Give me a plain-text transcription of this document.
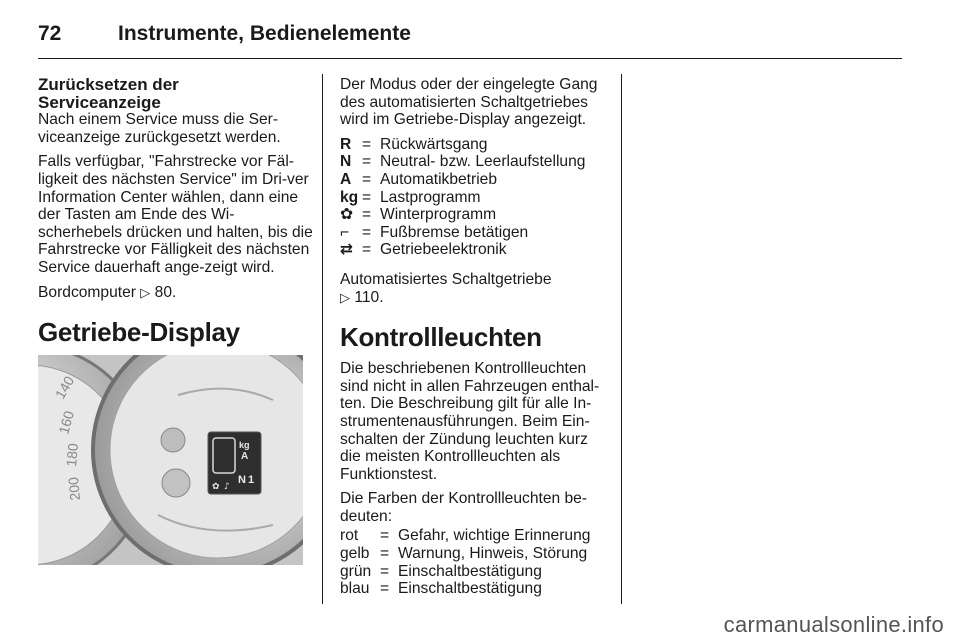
72	Instrumente, Bedienelemente
Zurücksetzen der
Serviceanzeige

Nach einem Service muss die Ser‐viceanzeige zurückgesetzt werden.

Falls verfügbar, "Fahrstrecke vor Fäl‐ligkeit des nächsten Service" im Dri‐ver Information Center wählen, dann eine der Tasten am Ende des Wi‐scherhebels drücken und halten, bis die Fahrstrecke vor Fälligkeit des nächsten Service dauerhaft ange‐zeigt wird.

Bordcomputer ▷ 80.

Getriebe-Display
140
160
180
200
kg
A
N 1
✿ ♪

Der Modus oder der eingelegte Gang des automatisierten Schaltgetriebes wird im Getriebe-Display angezeigt.

R	=	Rückwärtsgang
N	=	Neutral- bzw. Leerlaufstellung
A	=	Automatikbetrieb
kg	=	Lastprogramm
✿	=	Winterprogramm
⌐	=	Fußbremse betätigen
⇄	=	Getriebeelektronik

Automatisiertes Schaltgetriebe
▷ 110.

Kontrollleuchten

Die beschriebenen Kontrollleuchten sind nicht in allen Fahrzeugen enthal‐ten. Die Beschreibung gilt für alle In‐strumentenausführungen. Beim Ein‐schalten der Zündung leuchten kurz die meisten Kontrollleuchten als Funktionstest.

Die Farben der Kontrollleuchten be‐deuten:

rot	=	Gefahr, wichtige Erinnerung
gelb	=	Warnung, Hinweis, Störung
grün	=	Einschaltbestätigung
blau	=	Einschaltbestätigung
carmanualsonline.info
